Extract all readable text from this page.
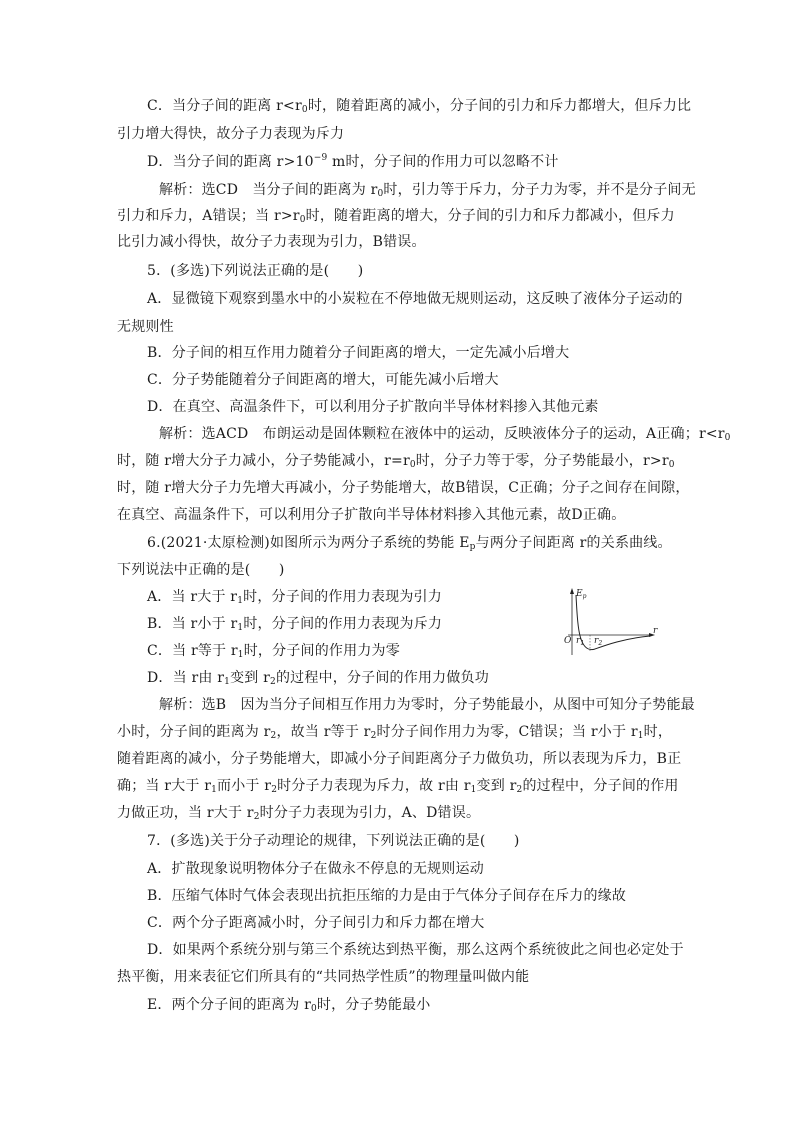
C．当分子间的距离 $r<r_0$时，随着距离的减小，分子间的引力和斥力都增大，但斥力比
引力增大得快，故分子力表现为斥力
D．当分子间的距离 $r>10^{-9}$ m时，分子间的作用力可以忽略不计
解析：选CD　当分子间的距离为 $r_0$时，引力等于斥力，分子力为零，并不是分子间无
引力和斥力，A错误；当 $r>r_0$时，随着距离的增大，分子间的引力和斥力都减小，但斥力
比引力减小得快，故分子力表现为引力，B错误。
5．(多选)下列说法正确的是(　　)
A．显微镜下观察到墨水中的小炭粒在不停地做无规则运动，这反映了液体分子运动的
无规则性
B．分子间的相互作用力随着分子间距离的增大，一定先减小后增大
C．分子势能随着分子间距离的增大，可能先减小后增大
D．在真空、高温条件下，可以利用分子扩散向半导体材料掺入其他元素
解析：选ACD　布朗运动是固体颗粒在液体中的运动，反映液体分子的运动，A正确；$r<r_0$
时，随 r增大分子力减小，分子势能减小，$r=r_0$时，分子力等于零，分子势能最小，$r>r_0$
时，随 r增大分子力先增大再减小，分子势能增大，故B错误，C正确；分子之间存在间隙，
在真空、高温条件下，可以利用分子扩散向半导体材料掺入其他元素，故D正确。
6.(2021·太原检测)如图所示为两分子系统的势能 $E_p$与两分子间距离 r的关系曲线。
下列说法中正确的是(　　)
A．当 r大于 $r_1$时，分子间的作用力表现为引力
B．当 r小于 $r_1$时，分子间的作用力表现为斥力
C．当 r等于 $r_1$时，分子间的作用力为零
D．当 r由 $r_1$变到 $r_2$的过程中，分子间的作用力做负功
解析：选B　因为当分子间相互作用力为零时，分子势能最小，从图中可知分子势能最
小时，分子间的距离为 $r_2$，故当 r等于 $r_2$时分子间作用力为零，C错误；当 r小于 $r_1$时，
随着距离的减小，分子势能增大，即减小分子间距离分子力做负功，所以表现为斥力，B正
确；当 r大于 $r_1$而小于 $r_2$时分子力表现为斥力，故 r由 $r_1$变到 $r_2$的过程中，分子间的作用
力做正功，当 r大于 $r_2$时分子力表现为引力，A、D错误。
7．(多选)关于分子动理论的规律，下列说法正确的是(　　)
A．扩散现象说明物体分子在做永不停息的无规则运动
B．压缩气体时气体会表现出抗拒压缩的力是由于气体分子间存在斥力的缘故
C．两个分子距离减小时，分子间引力和斥力都在增大
D．如果两个系统分别与第三个系统达到热平衡，那么这两个系统彼此之间也必定处于
热平衡，用来表征它们所具有的“共同热学性质”的物理量叫做内能
E．两个分子间的距离为 $r_0$时，分子势能最小
$E_p$
O $r_1$ $r_2$
r
